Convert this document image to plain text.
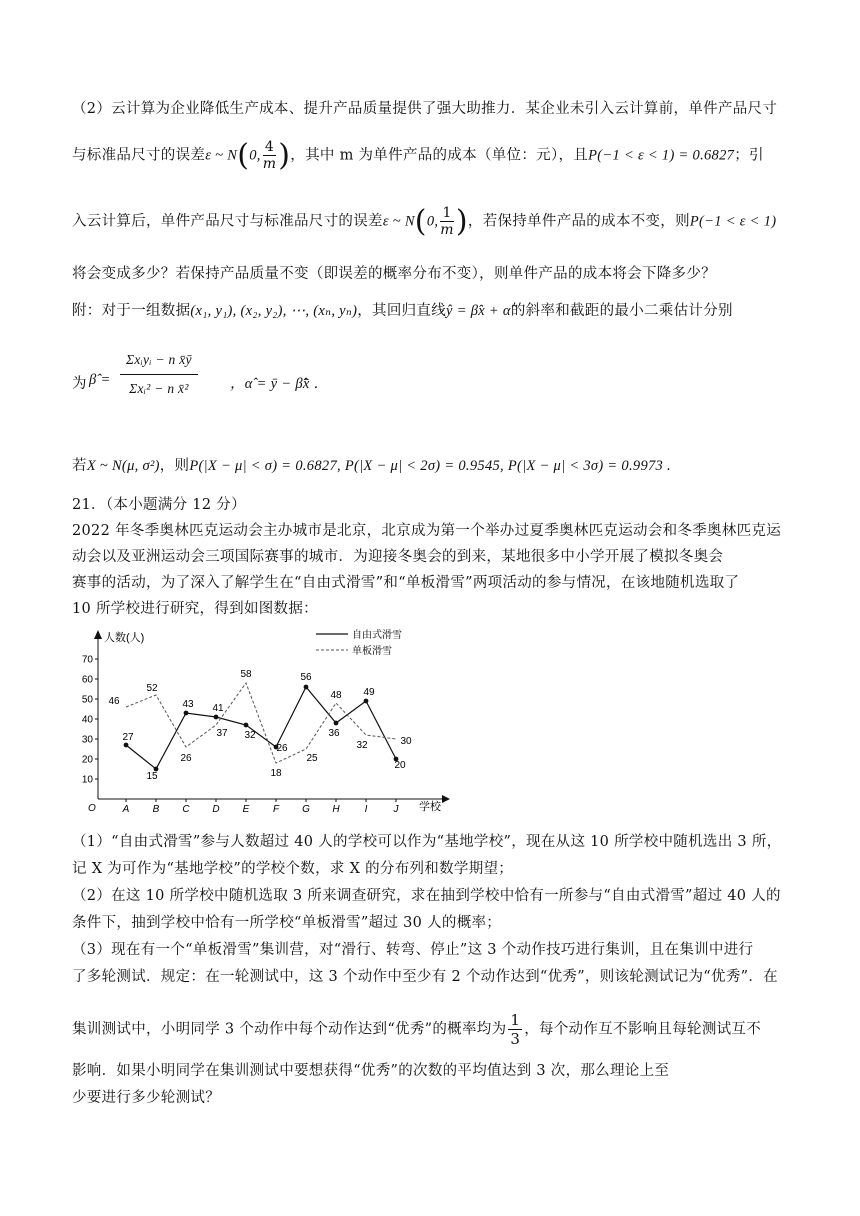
（2）云计算为企业降低生产成本、提升产品质量提供了强大助推力．某企业未引入云计算前，单件产品尺寸
与标准品尺寸的误差ε ~ N(0, $\frac{4}{m}$ )，其中 m 为单件产品的成本（单位：元），且P(−1 < ε < 1) = 0.6827；引
入云计算后，单件产品尺寸与标准品尺寸的误差ε ~ N(0, $\frac{1}{m}$ )，若保持单件产品的成本不变，则P(−1 < ε < 1)
将会变成多少？若保持产品质量不变（即误差的概率分布不变），则单件产品的成本将会下降多少？
附：对于一组数据(x₁, y₁), (x₂, y₂), ⋯, (xₙ, yₙ)，其回归直线ŷ = β̂x + α̂的斜率和截距的最小二乘估计分别
为 β̂ =
Σxᵢyᵢ − n x̄ȳ
Σxᵢ² − n x̄²	，α̂ = ȳ − β̂x̄ ．
若X ~ N(μ, σ²)，则P(|X − μ| < σ) = 0.6827, P(|X − μ| < 2σ) = 0.9545, P(|X − μ| < 3σ) = 0.9973 .
21．（本小题满分 12 分）
2022 年冬季奥林匹克运动会主办城市是北京，北京成为第一个举办过夏季奥林匹克运动会和冬季奥林匹克运
动会以及亚洲运动会三项国际赛事的城市．为迎接冬奥会的到来，某地很多中小学开展了模拟冬奥会
赛事的活动，为了深入了解学生在“自由式滑雪”和“单板滑雪”两项活动的参与情况，在该地随机选取了
10 所学校进行研究，得到如图数据：
人数(人)
学校
O
自由式滑雪
单板滑雪
10
20
30
40
50
60
70
A B C D E F G H I	J
27
15
43 41
32
26
56
36
49
20
46
52
26
37
58
18
25
48
32	30
（1）“自由式滑雪”参与人数超过 40 人的学校可以作为“基地学校”，现在从这 10 所学校中随机选出 3 所，
记 X 为可作为“基地学校”的学校个数，求 X 的分布列和数学期望；
（2）在这 10 所学校中随机选取 3 所来调查研究，求在抽到学校中恰有一所参与“自由式滑雪”超过 40 人的
条件下，抽到学校中恰有一所学校“单板滑雪”超过 30 人的概率；
（3）现在有一个“单板滑雪”集训营，对“滑行、转弯、停止”这 3 个动作技巧进行集训，且在集训中进行
了多轮测试．规定：在一轮测试中，这 3 个动作中至少有 2 个动作达到“优秀”，则该轮测试记为“优秀”．在
集训测试中，小明同学 3 个动作中每个动作达到“优秀”的概率均为 $\frac{1}{3}$ ，每个动作互不影响且每轮测试互不
影响．如果小明同学在集训测试中要想获得“优秀”的次数的平均值达到 3 次，那么理论上至
少要进行多少轮测试？
